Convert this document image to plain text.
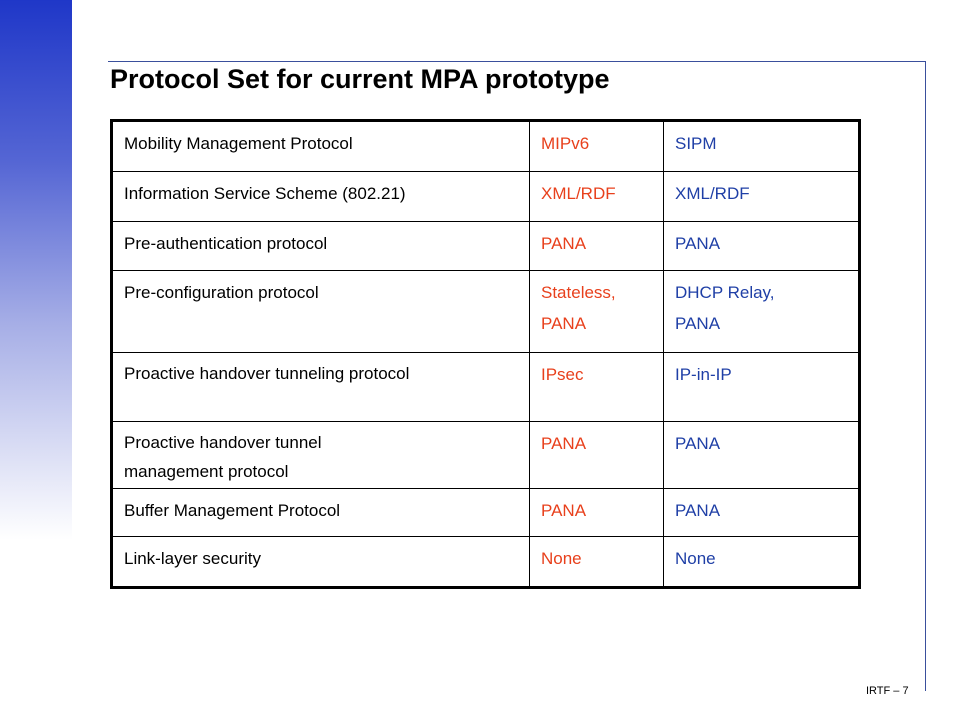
Protocol Set for current MPA prototype
Mobility Management Protocol	MIPv6	SIPM
Information Service Scheme (802.21)	XML/RDF	XML/RDF
Pre-authentication protocol	PANA	PANA
Pre-configuration protocol	Stateless, PANA	DHCP Relay, PANA
Proactive handover tunneling protocol	IPsec	IP-in-IP
Proactive handover tunnel management protocol	PANA	PANA
Buffer Management Protocol	PANA	PANA
Link-layer security	None	None
IRTF – 7
